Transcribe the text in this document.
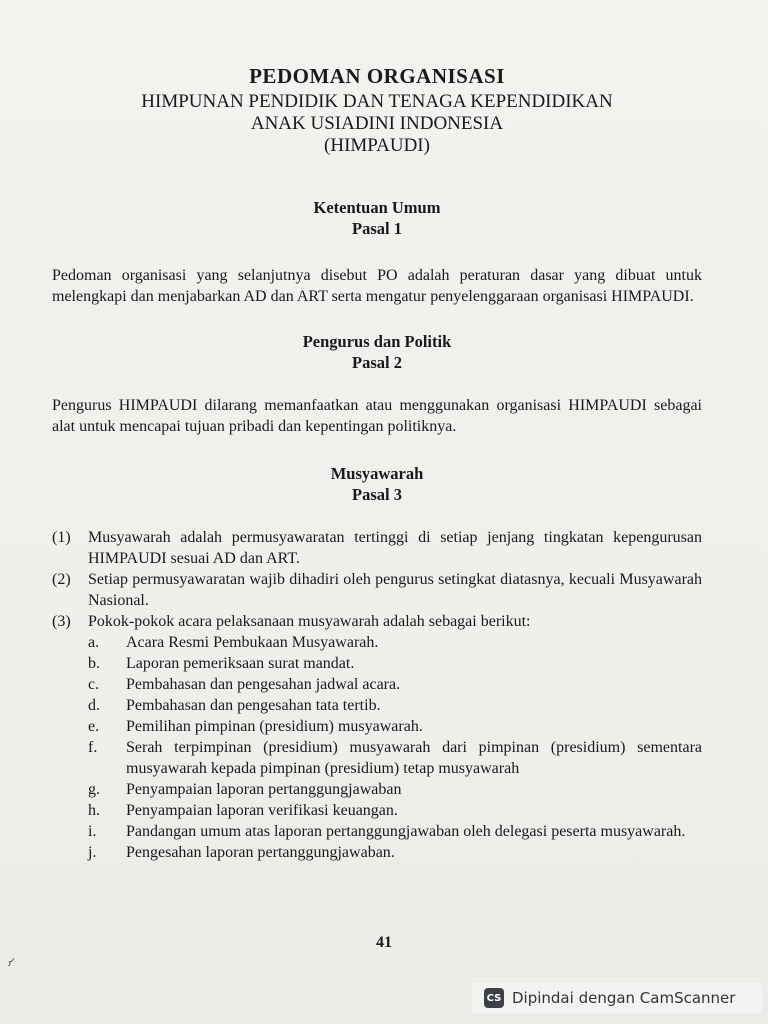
PEDOMAN ORGANISASI
HIMPUNAN PENDIDIK DAN TENAGA KEPENDIDIKAN
ANAK USIADINI INDONESIA
(HIMPAUDI)
Ketentuan Umum
Pasal 1

Pedoman organisasi yang selanjutnya disebut PO adalah peraturan dasar yang dibuat untuk melengkapi dan menjabarkan AD dan ART serta mengatur penyelenggaraan organisasi HIMPAUDI.

Pengurus dan Politik
Pasal 2

Pengurus HIMPAUDI dilarang memanfaatkan atau menggunakan organisasi HIMPAUDI sebagai alat untuk mencapai tujuan pribadi dan kepentingan politiknya.

Musyawarah
Pasal 3
(1)	Musyawarah adalah permusyawaratan tertinggi di setiap jenjang tingkatan kepengurusan HIMPAUDI sesuai AD dan ART.
(2)	Setiap permusyawaratan wajib dihadiri oleh pengurus setingkat diatasnya, kecuali Musyawarah Nasional.
(3)	Pokok-pokok acara pelaksanaan musyawarah adalah sebagai berikut:
a.	Acara Resmi Pembukaan Musyawarah.
b.	Laporan pemeriksaan surat mandat.
c.	Pembahasan dan pengesahan jadwal acara.
d.	Pembahasan dan pengesahan tata tertib.
e.	Pemilihan pimpinan (presidium) musyawarah.
f.	Serah terpimpinan (presidium) musyawarah dari pimpinan (presidium) sementara musyawarah kepada pimpinan (presidium) tetap musyawarah
g.	Penyampaian laporan pertanggungjawaban
h.	Penyampaian laporan verifikasi keuangan.
i.	Pandangan umum atas laporan pertanggungjawaban oleh delegasi peserta musyawarah.
j.	Pengesahan laporan pertanggungjawaban.
41
ᴊᐟ
CS Dipindai dengan CamScanner
